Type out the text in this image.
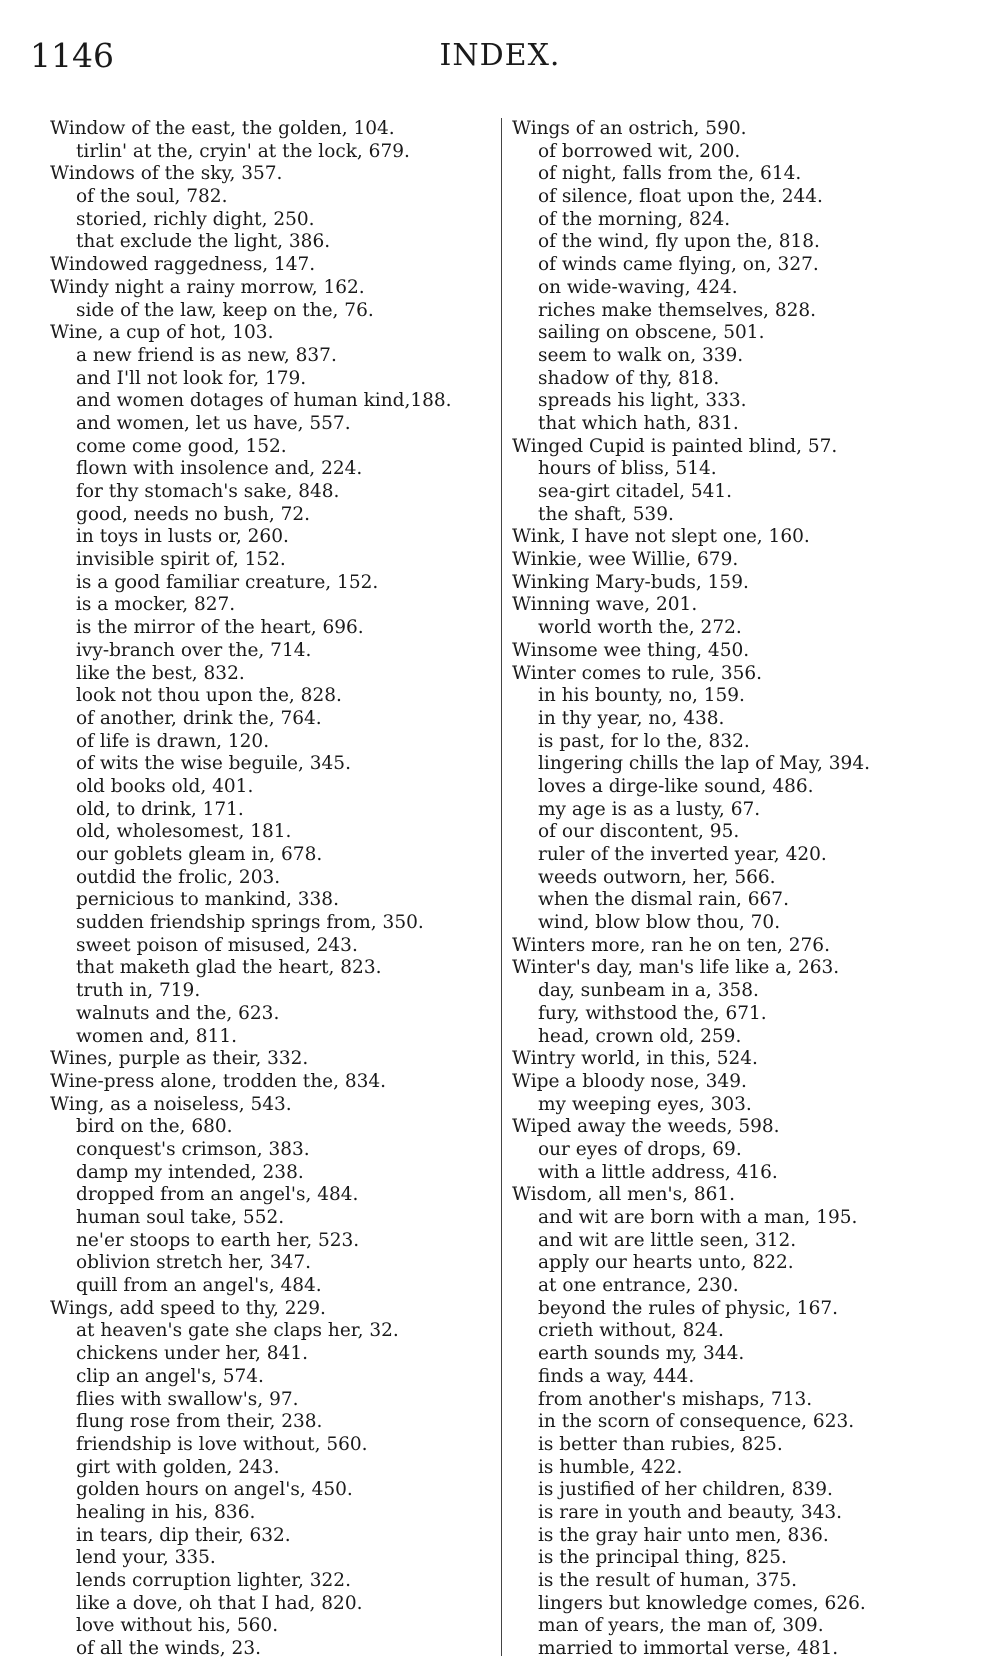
1146	INDEX.
Window of the east, the golden, 104.
tirlin' at the, cryin' at the lock, 679.
Windows of the sky, 357.
of the soul, 782.
storied, richly dight, 250.
that exclude the light, 386.
Windowed raggedness, 147.
Windy night a rainy morrow, 162.
side of the law, keep on the, 76.
Wine, a cup of hot, 103.
a new friend is as new, 837.
and I'll not look for, 179.
and women dotages of human kind,188.
and women, let us have, 557.
come come good, 152.
flown with insolence and, 224.
for thy stomach's sake, 848.
good, needs no bush, 72.
in toys in lusts or, 260.
invisible spirit of, 152.
is a good familiar creature, 152.
is a mocker, 827.
is the mirror of the heart, 696.
ivy-branch over the, 714.
like the best, 832.
look not thou upon the, 828.
of another, drink the, 764.
of life is drawn, 120.
of wits the wise beguile, 345.
old books old, 401.
old, to drink, 171.
old, wholesomest, 181.
our goblets gleam in, 678.
outdid the frolic, 203.
pernicious to mankind, 338.
sudden friendship springs from, 350.
sweet poison of misused, 243.
that maketh glad the heart, 823.
truth in, 719.
walnuts and the, 623.
women and, 811.
Wines, purple as their, 332.
Wine-press alone, trodden the, 834.
Wing, as a noiseless, 543.
bird on the, 680.
conquest's crimson, 383.
damp my intended, 238.
dropped from an angel's, 484.
human soul take, 552.
ne'er stoops to earth her, 523.
oblivion stretch her, 347.
quill from an angel's, 484.
Wings, add speed to thy, 229.
at heaven's gate she claps her, 32.
chickens under her, 841.
clip an angel's, 574.
flies with swallow's, 97.
flung rose from their, 238.
friendship is love without, 560.
girt with golden, 243.
golden hours on angel's, 450.
healing in his, 836.
in tears, dip their, 632.
lend your, 335.
lends corruption lighter, 322.
like a dove, oh that I had, 820.
love without his, 560.
of all the winds, 23.
Wings of an ostrich, 590.
of borrowed wit, 200.
of night, falls from the, 614.
of silence, float upon the, 244.
of the morning, 824.
of the wind, fly upon the, 818.
of winds came flying, on, 327.
on wide-waving, 424.
riches make themselves, 828.
sailing on obscene, 501.
seem to walk on, 339.
shadow of thy, 818.
spreads his light, 333.
that which hath, 831.
Winged Cupid is painted blind, 57.
hours of bliss, 514.
sea-girt citadel, 541.
the shaft, 539.
Wink, I have not slept one, 160.
Winkie, wee Willie, 679.
Winking Mary-buds, 159.
Winning wave, 201.
world worth the, 272.
Winsome wee thing, 450.
Winter comes to rule, 356.
in his bounty, no, 159.
in thy year, no, 438.
is past, for lo the, 832.
lingering chills the lap of May, 394.
loves a dirge-like sound, 486.
my age is as a lusty, 67.
of our discontent, 95.
ruler of the inverted year, 420.
weeds outworn, her, 566.
when the dismal rain, 667.
wind, blow blow thou, 70.
Winters more, ran he on ten, 276.
Winter's day, man's life like a, 263.
day, sunbeam in a, 358.
fury, withstood the, 671.
head, crown old, 259.
Wintry world, in this, 524.
Wipe a bloody nose, 349.
my weeping eyes, 303.
Wiped away the weeds, 598.
our eyes of drops, 69.
with a little address, 416.
Wisdom, all men's, 861.
and wit are born with a man, 195.
and wit are little seen, 312.
apply our hearts unto, 822.
at one entrance, 230.
beyond the rules of physic, 167.
crieth without, 824.
earth sounds my, 344.
finds a way, 444.
from another's mishaps, 713.
in the scorn of consequence, 623.
is better than rubies, 825.
is humble, 422.
is justified of her children, 839.
is rare in youth and beauty, 343.
is the gray hair unto men, 836.
is the principal thing, 825.
is the result of human, 375.
lingers but knowledge comes, 626.
man of years, the man of, 309.
married to immortal verse, 481.
